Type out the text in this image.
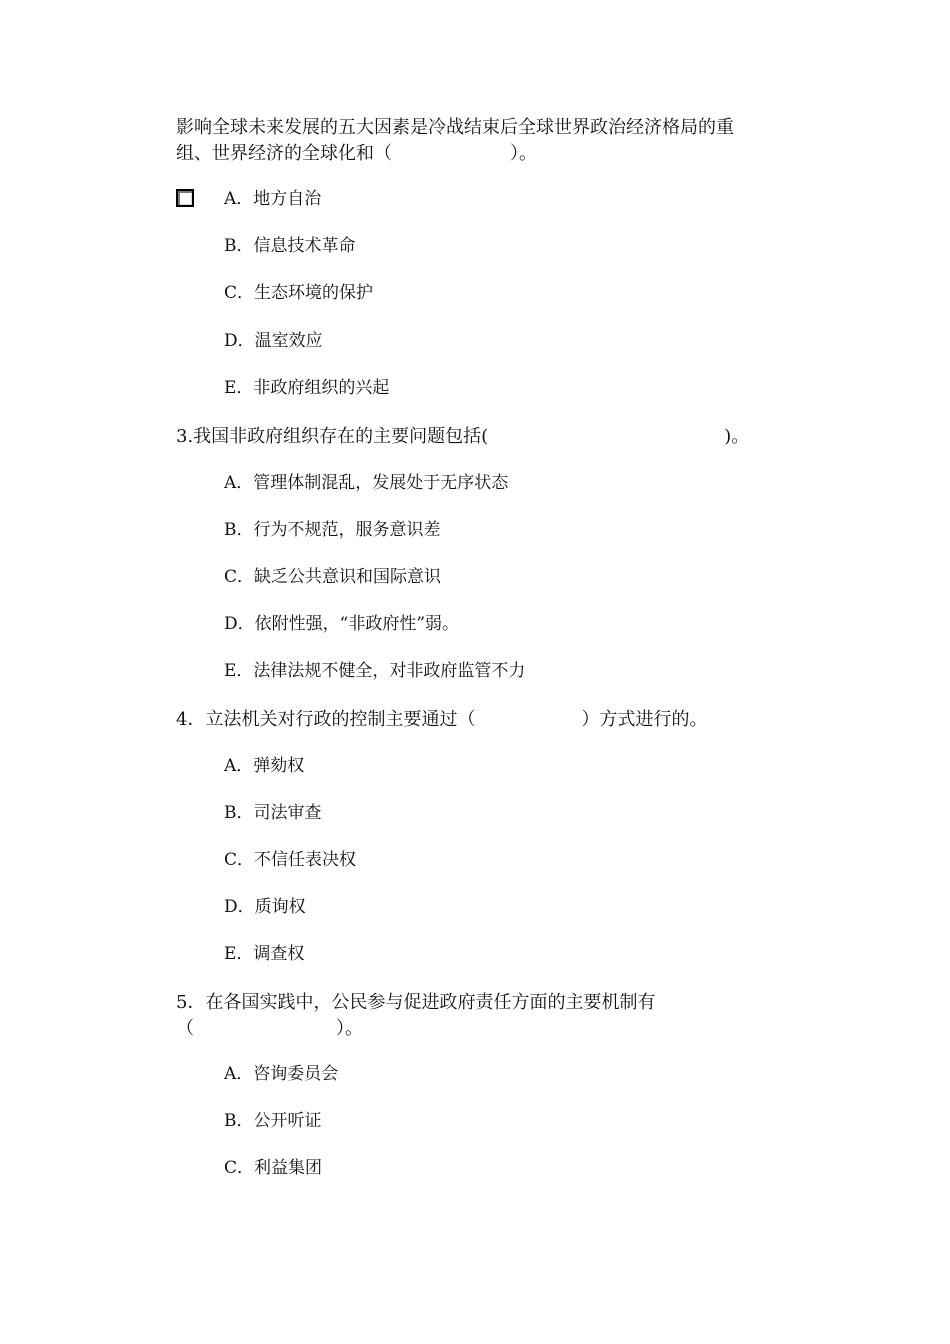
影响全球未来发展的五大因素是冷战结束后全球世界政治经济格局的重
组、世界经济的全球化和（	）。
A．地方自治
B．信息技术革命
C．生态环境的保护
D．温室效应
E．非政府组织的兴起
3.我国非政府组织存在的主要问题包括(	)。
A．管理体制混乱，发展处于无序状态
B．行为不规范，服务意识差
C．缺乏公共意识和国际意识
D．依附性强，“非政府性”弱。
E．法律法规不健全，对非政府监管不力
4．立法机关对行政的控制主要通过（	）方式进行的。
A．弹劾权
B．司法审查
C．不信任表决权
D．质询权
E．调查权
5．在各国实践中，公民参与促进政府责任方面的主要机制有
（	）。
A．咨询委员会
B．公开听证
C．利益集团
